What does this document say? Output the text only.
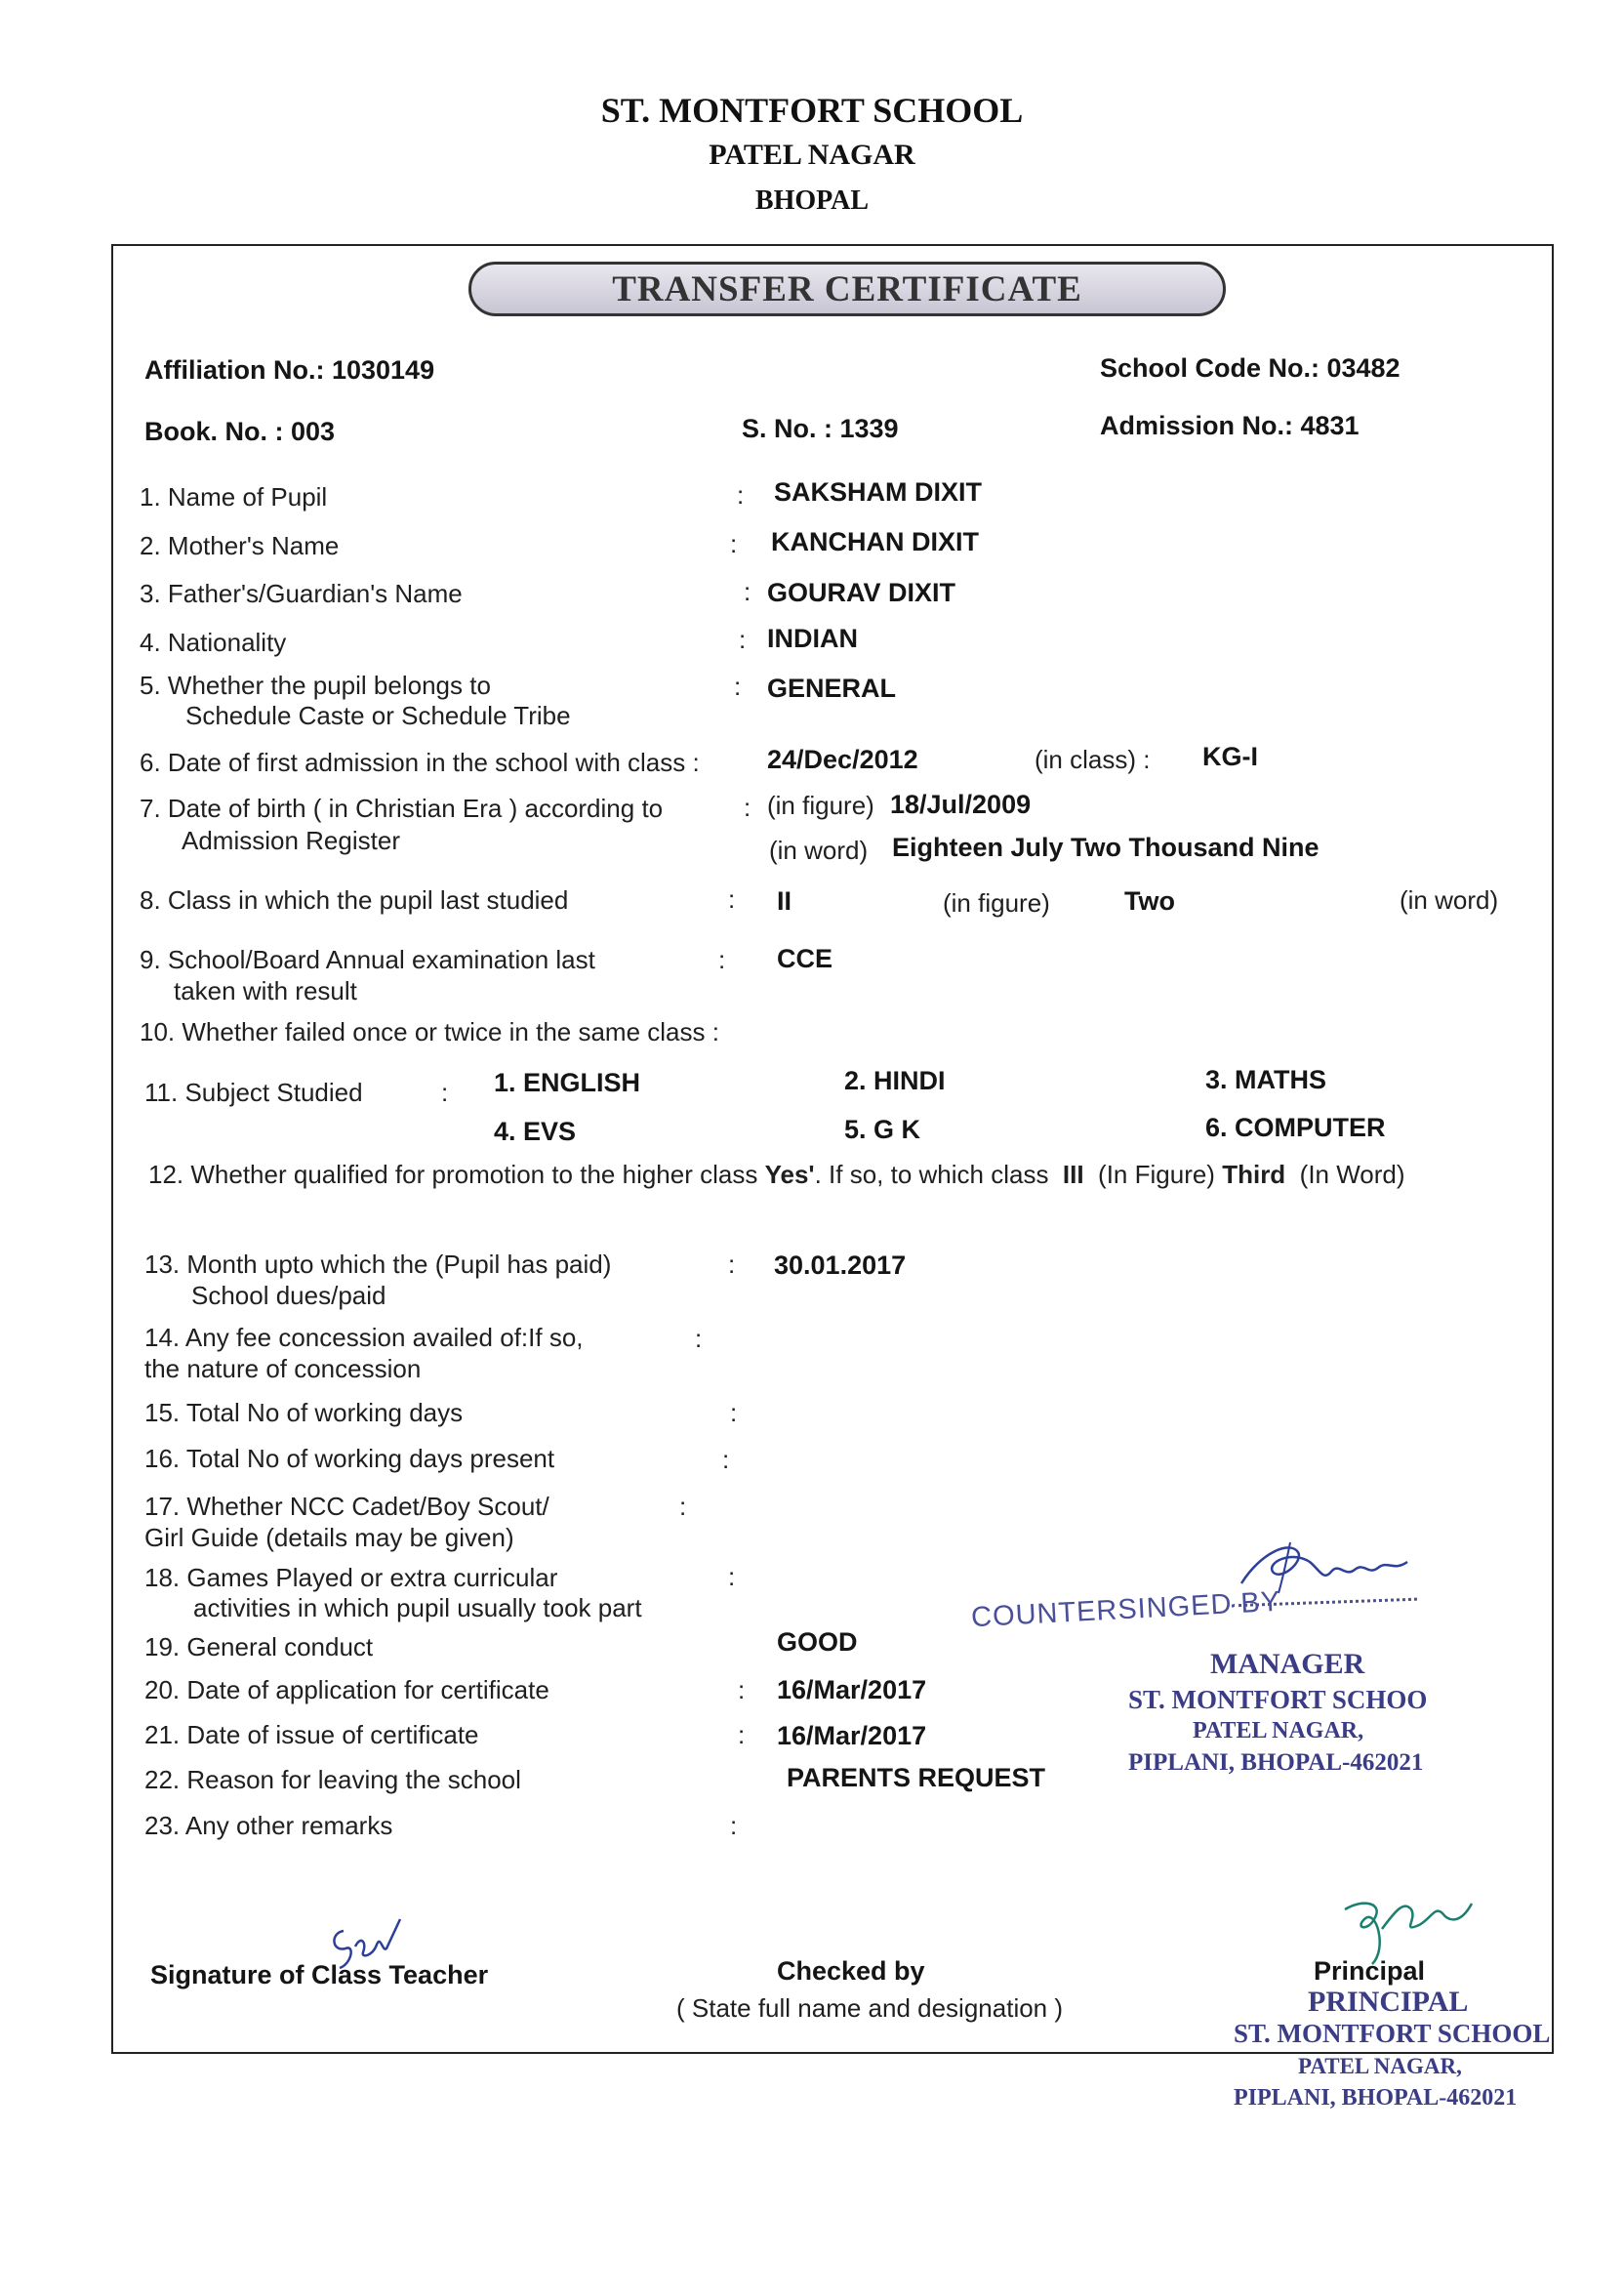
ST. MONTFORT SCHOOL
PATEL NAGAR
BHOPAL
TRANSFER CERTIFICATE
Affiliation No.: 1030149	School Code No.: 03482
Book. No. : 003	S. No. : 1339	Admission No.: 4831
1. Name of Pupil	: SAKSHAM DIXIT
2. Mother's Name	: KANCHAN DIXIT
3. Father's/Guardian's Name	: GOURAV DIXIT
4. Nationality	: INDIAN
5. Whether the pupil belongs to
Schedule Caste or Schedule Tribe
: GENERAL
6. Date of first admission in the school with class :	24/Dec/2012	(in class) : KG-I
7. Date of birth ( in Christian Era ) according to
Admission Register
: (in figure) 18/Jul/2009
(in word) Eighteen July Two Thousand Nine
8. Class in which the pupil last studied	: II	(in figure)	Two	(in word)
9. School/Board Annual examination last
taken with result
: CCE
10. Whether failed once or twice in the same class :
11. Subject Studied	: 1. ENGLISH	2. HINDI	3. MATHS
4. EVS	5. G K	6. COMPUTER
12. Whether qualified for promotion to the higher class Yes'. If so, to which class III (In Figure) Third (In Word)
13. Month upto which the (Pupil has paid)
School dues/paid
: 30.01.2017
14. Any fee concession availed of:If so,
the nature of concession
:
15. Total No of working days	:
16. Total No of working days present	:
17. Whether NCC Cadet/Boy Scout/
Girl Guide (details may be given)
:
18. Games Played or extra curricular
activities in which pupil usually took part
:
19. General conduct	GOOD
20. Date of application for certificate	: 16/Mar/2017
21. Date of issue of certificate	: 16/Mar/2017
22. Reason for leaving the school	PARENTS REQUEST
23. Any other remarks	:
COUNTERSINGED BY
MANAGER
ST. MONTFORT SCHOO
PATEL NAGAR,
PIPLANI, BHOPAL-462021
Signature of Class Teacher	Checked by
( State full name and designation )
Principal
PRINCIPAL
ST. MONTFORT SCHOOL
PATEL NAGAR,
PIPLANI, BHOPAL-462021
